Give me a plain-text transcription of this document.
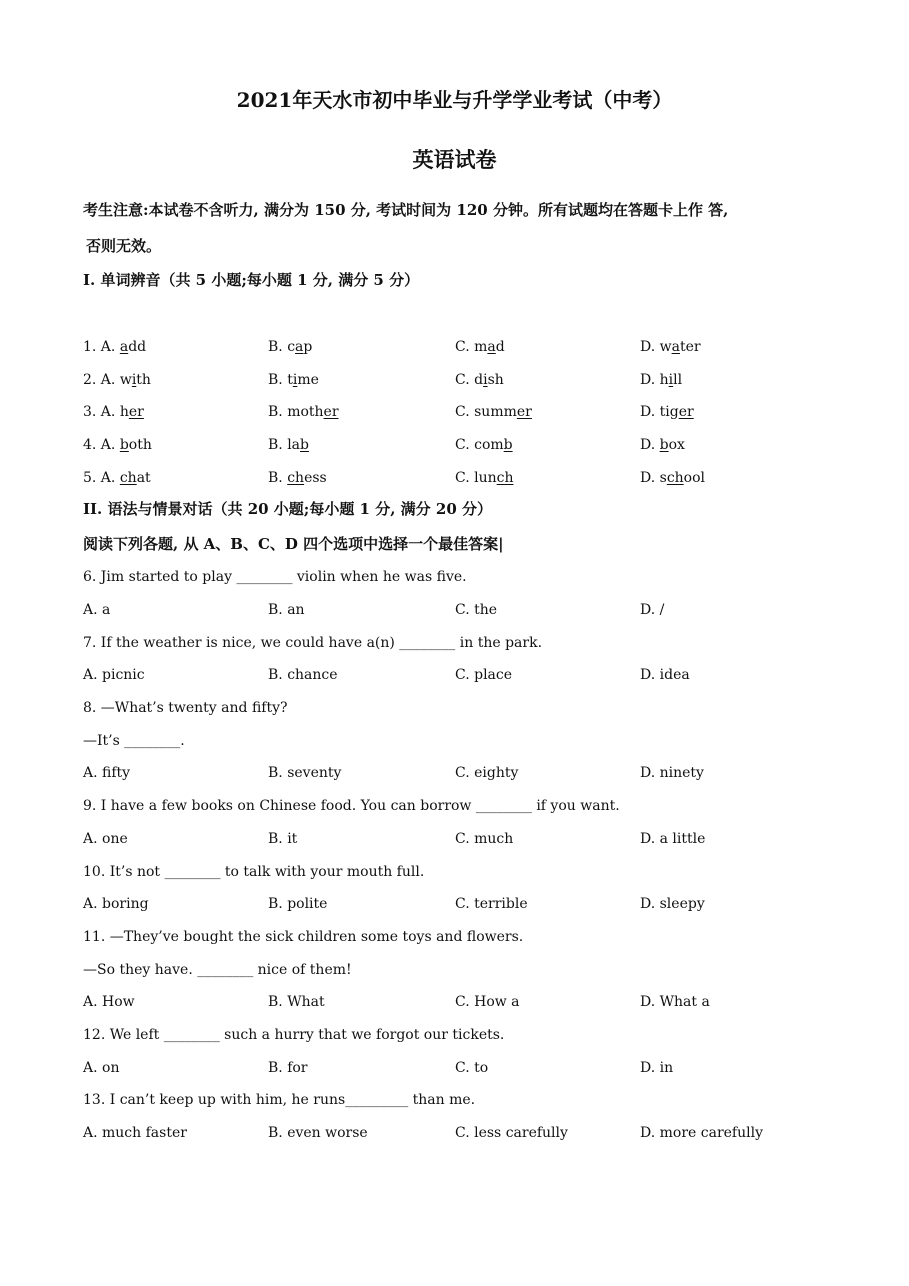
2021年天水市初中毕业与升学学业考试（中考）
英语试卷
考生注意:本试卷不含听力, 满分为 150 分, 考试时间为 120 分钟。所有试题均在答题卡上作 答,
否则无效。
I. 单词辨音（共 5 小题;每小题 1 分, 满分 5 分）
1. A. add	B. cap	C. mad	D. water
2. A. with	B. time	C. dish	D. hill
3. A. her	B. mother	C. summer	D. tiger
4. A. both	B. lab	C. comb	D. box
5. A. chat	B. chess	C. lunch	D. school
II. 语法与情景对话（共 20 小题;每小题 1 分, 满分 20 分）
阅读下列各题, 从 A、B、C、D 四个选项中选择一个最佳答案|
6. Jim started to play ________ violin when he was five.
A. a	B. an	C. the	D. /
7. If the weather is nice, we could have a(n) ________ in the park.
A. picnic	B. chance	C. place	D. idea
8. —What’s twenty and fifty?
—It’s ________.
A. fifty	B. seventy	C. eighty	D. ninety
9. I have a few books on Chinese food. You can borrow ________ if you want.
A. one	B. it	C. much	D. a little
10. It’s not ________ to talk with your mouth full.
A. boring	B. polite	C. terrible	D. sleepy
11. —They’ve bought the sick children some toys and flowers.
—So they have. ________ nice of them!
A. How	B. What	C. How a	D. What a
12. We left ________ such a hurry that we forgot our tickets.
A. on	B. for	C. to	D. in
13. I can’t keep up with him, he runs_________ than me.
A. much faster	B. even worse	C. less carefully	D. more carefully
